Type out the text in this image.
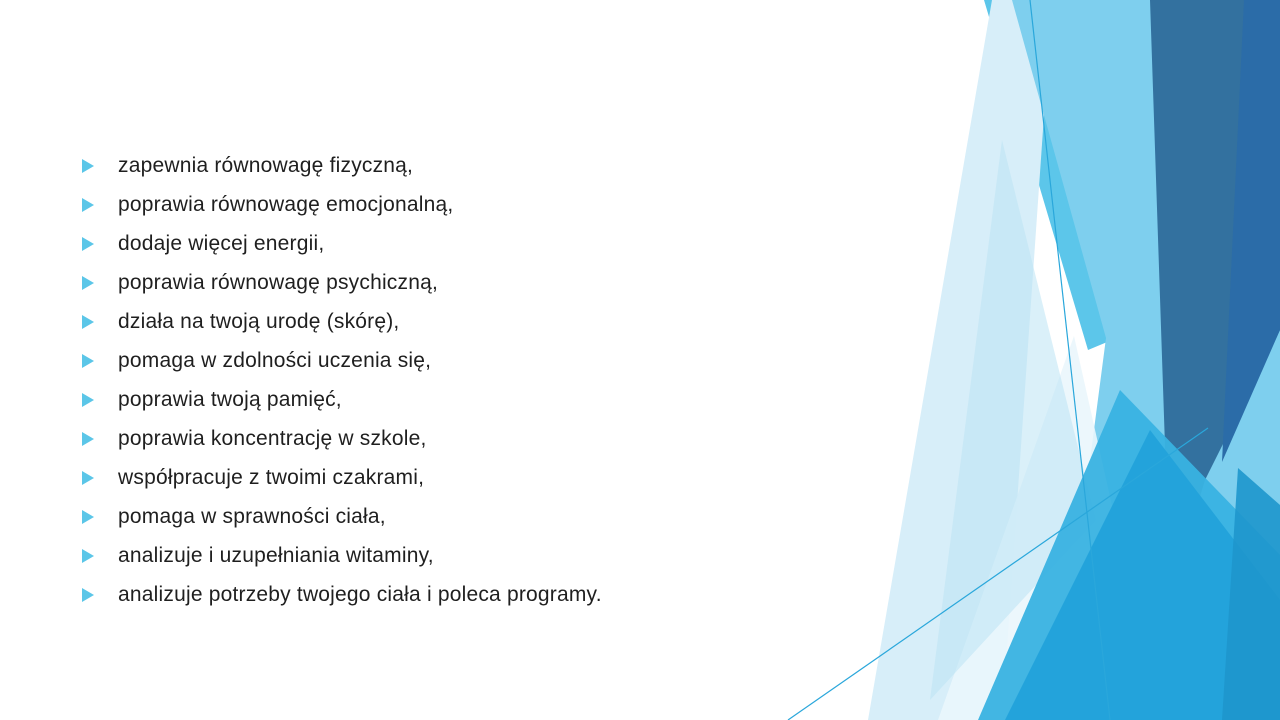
zapewnia równowagę fizyczną,
poprawia równowagę emocjonalną,
dodaje więcej energii,
poprawia równowagę psychiczną,
działa na twoją urodę (skórę),
pomaga w zdolności uczenia się,
poprawia twoją pamięć,
poprawia koncentrację w szkole,
współpracuje z twoimi czakrami,
pomaga w sprawności ciała,
analizuje i uzupełniania witaminy,
analizuje potrzeby twojego ciała i poleca programy.
